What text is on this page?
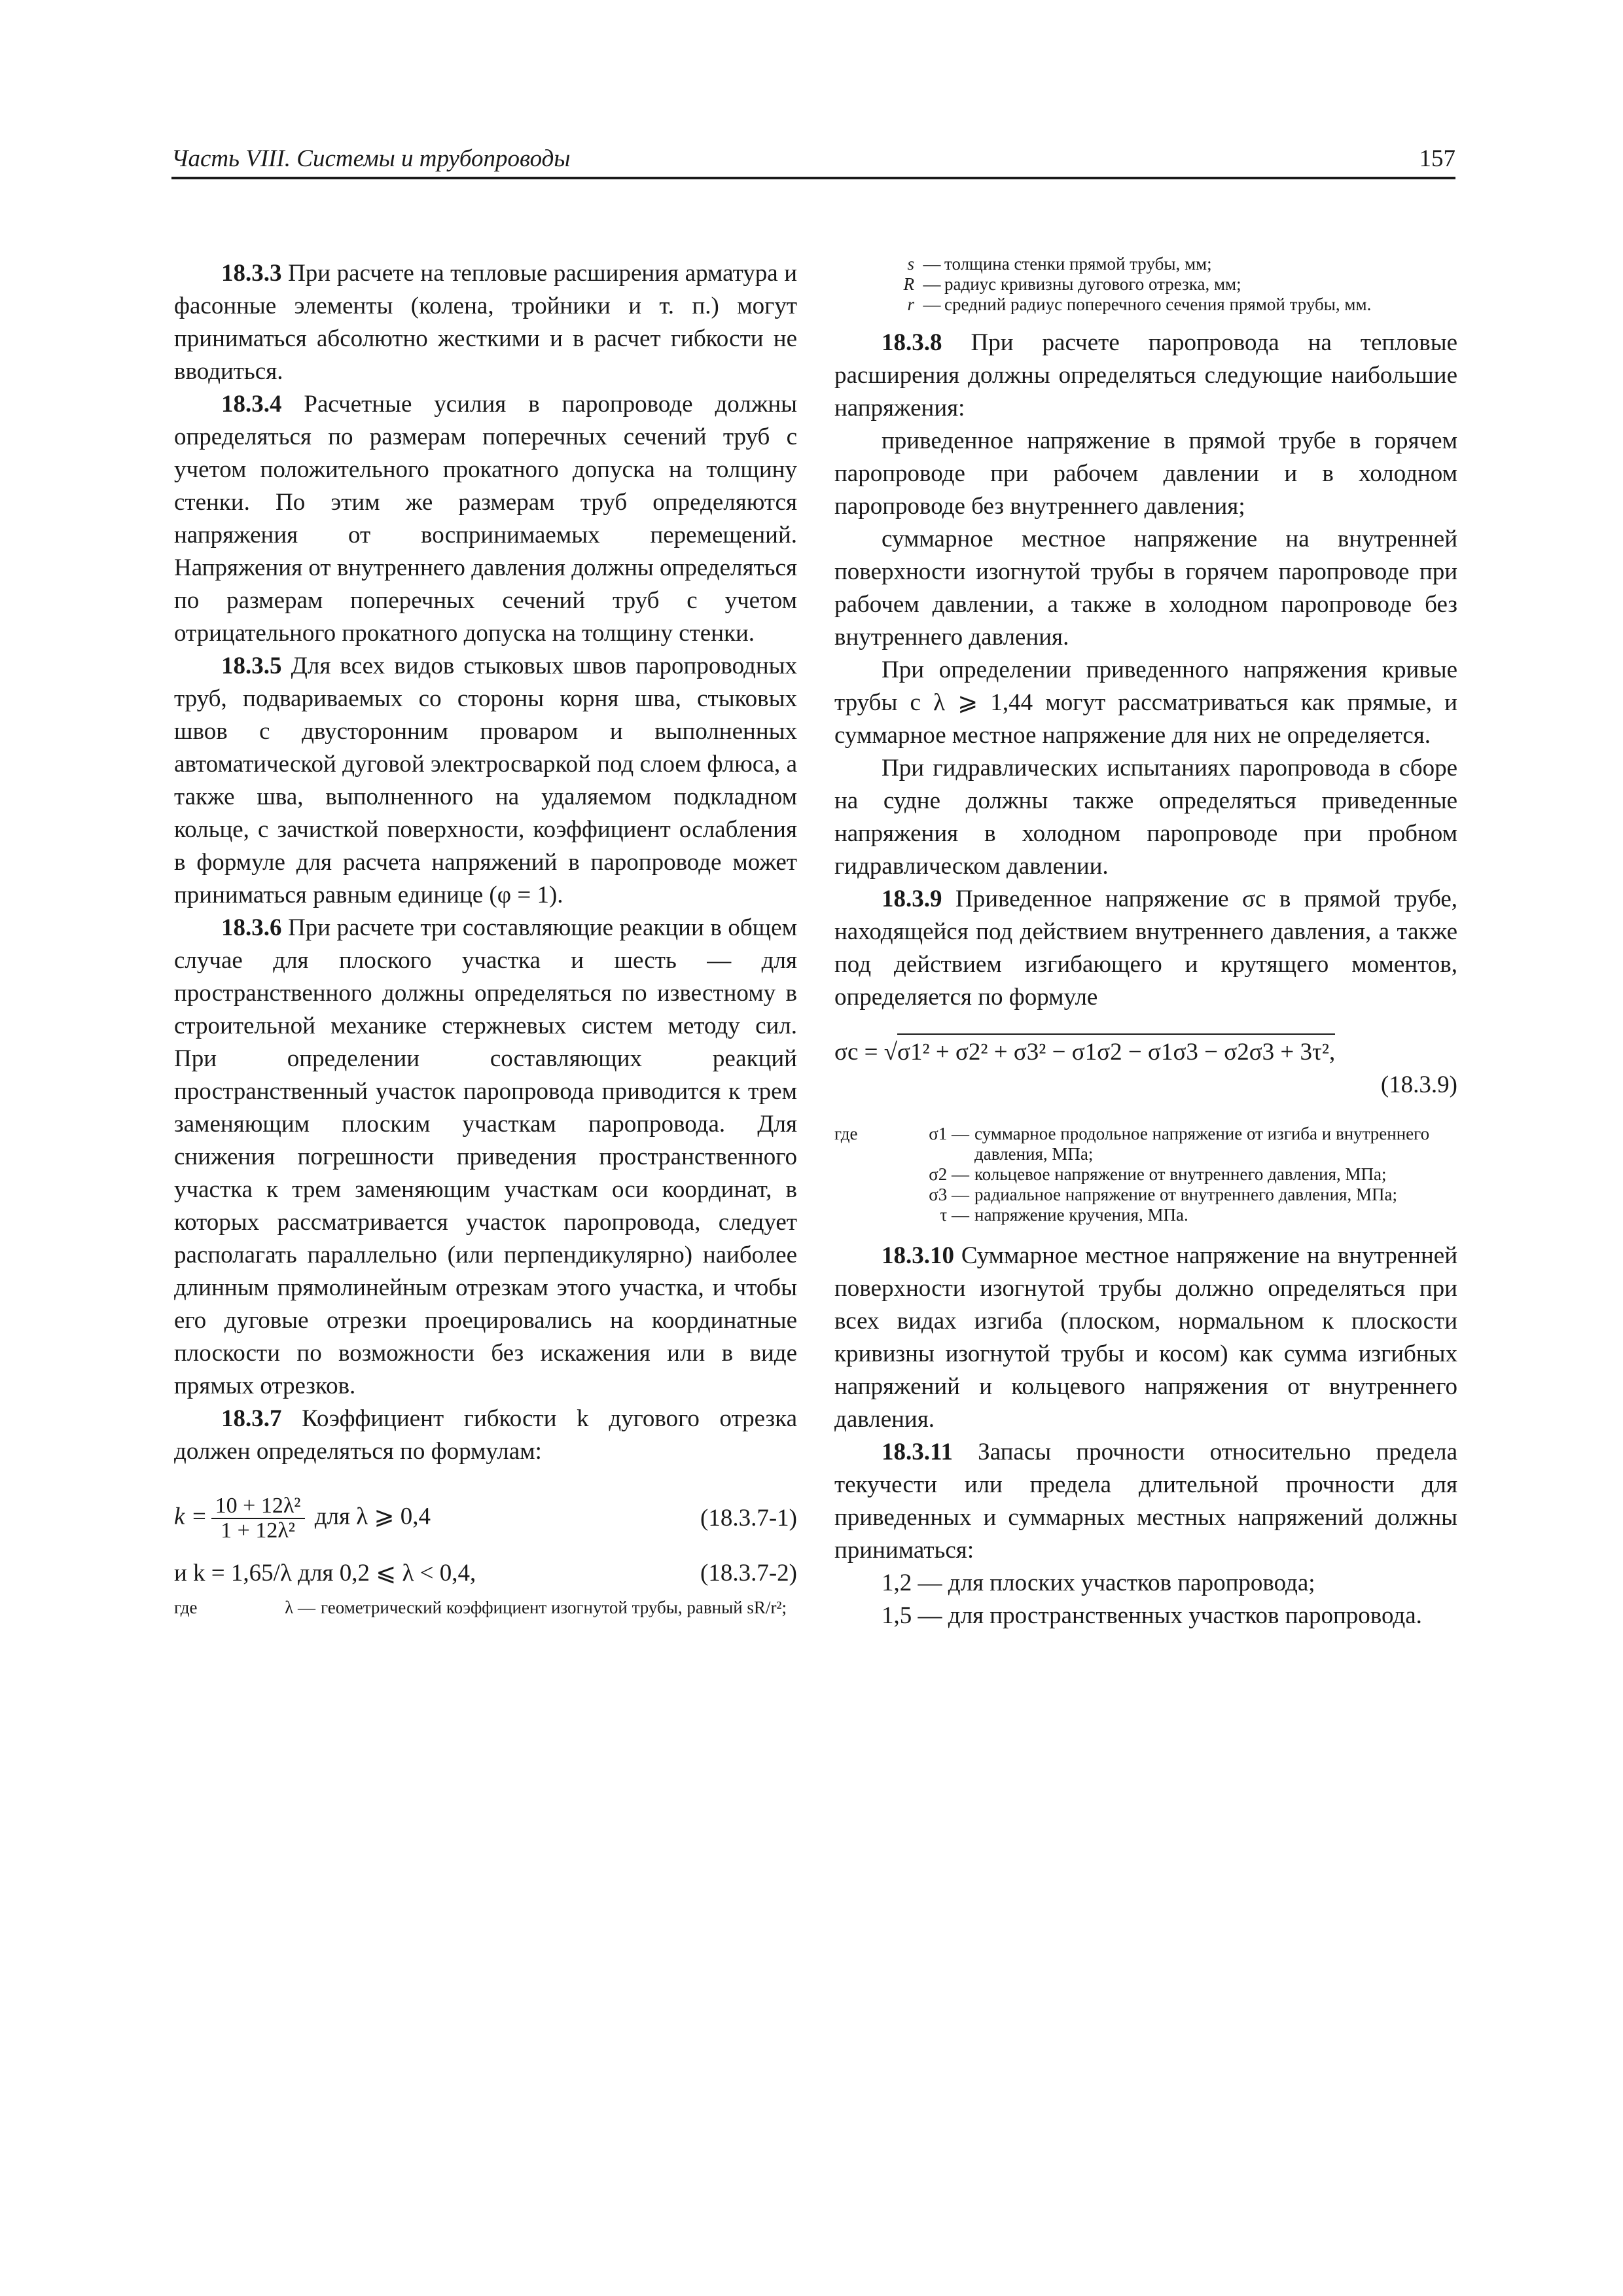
Часть VIII. Системы и трубопроводы	157

18.3.3 При расчете на тепловые расширения арматура и фасонные элементы (колена, тройники и т. п.) могут приниматься абсолютно жесткими и в расчет гибкости не вводиться.

18.3.4 Расчетные усилия в паропроводе должны определяться по размерам поперечных сечений труб с учетом положительного прокатного допуска на толщину стенки. По этим же размерам труб определяются напряжения от воспринимаемых перемещений. Напряжения от внутреннего давления должны определяться по размерам поперечных сечений труб с учетом отрицательного прокатного допуска на толщину стенки.

18.3.5 Для всех видов стыковых швов паропроводных труб, подвариваемых со стороны корня шва, стыковых швов с двусторонним проваром и выполненных автоматической дуговой электросваркой под слоем флюса, а также шва, выполненного на удаляемом подкладном кольце, с зачисткой поверхности, коэффициент ослабления в формуле для расчета напряжений в паропроводе может приниматься равным единице (φ = 1).

18.3.6 При расчете три составляющие реакции в общем случае для плоского участка и шесть — для пространственного должны определяться по известному в строительной механике стержневых систем методу сил. При определении составляющих реакций пространственный участок паропровода приводится к трем заменяющим плоским участкам паропровода. Для снижения погрешности приведения пространственного участка к трем заменяющим участкам оси координат, в которых рассматривается участок паропровода, следует располагать параллельно (или перпендикулярно) наиболее длинным прямолинейным отрезкам этого участка, и чтобы его дуговые отрезки проецировались на координатные плоскости по возможности без искажения или в виде прямых отрезков.

18.3.7 Коэффициент гибкости k дугового отрезка должен определяться по формулам:

$k = \frac{\text{10 + 12λ²}}{\text{1 + 12λ²}}$ для λ ⩾ 0,4	(18.3.7-1)
и k = 1,65/λ для 0,2 ⩽ λ < 0,4,	(18.3.7-2)
где	λ — геометрический коэффициент изогнутой трубы, равный sR/r²;
s — толщина стенки прямой трубы, мм;
R — радиус кривизны дугового отрезка, мм;
r — средний радиус поперечного сечения прямой трубы, мм.

18.3.8 При расчете паропровода на тепловые расширения должны определяться следующие наибольшие напряжения:

приведенное напряжение в прямой трубе в горячем паропроводе при рабочем давлении и в холодном паропроводе без внутреннего давления;

суммарное местное напряжение на внутренней поверхности изогнутой трубы в горячем паропроводе при рабочем давлении, а также в холодном паропроводе без внутреннего давления.

При определении приведенного напряжения кривые трубы с λ ⩾ 1,44 могут рассматриваться как прямые, и суммарное местное напряжение для них не определяется.

При гидравлических испытаниях паропровода в сборе на судне должны также определяться приведенные напряжения в холодном паропроводе при пробном гидравлическом давлении.

18.3.9 Приведенное напряжение σc в прямой трубе, находящейся под действием внутреннего давления, а также под действием изгибающего и крутящего моментов, определяется по формуле

σc = √σ1² + σ2² + σ3² − σ1σ2 − σ1σ3 − σ2σ3 + 3τ²,
(18.3.9)
где	σ1 — суммарное продольное напряжение от изгиба и внутреннего давления, МПа;
σ2 — кольцевое напряжение от внутреннего давления, МПа;
σ3 — радиальное напряжение от внутреннего давления, МПа;
τ — напряжение кручения, МПа.

18.3.10 Суммарное местное напряжение на внутренней поверхности изогнутой трубы должно определяться при всех видах изгиба (плоском, нормальном к плоскости кривизны изогнутой трубы и косом) как сумма изгибных напряжений и кольцевого напряжения от внутреннего давления.

18.3.11 Запасы прочности относительно предела текучести или предела длительной прочности для приведенных и суммарных местных напряжений должны приниматься:

1,2 — для плоских участков паропровода;

1,5 — для пространственных участков паропровода.
